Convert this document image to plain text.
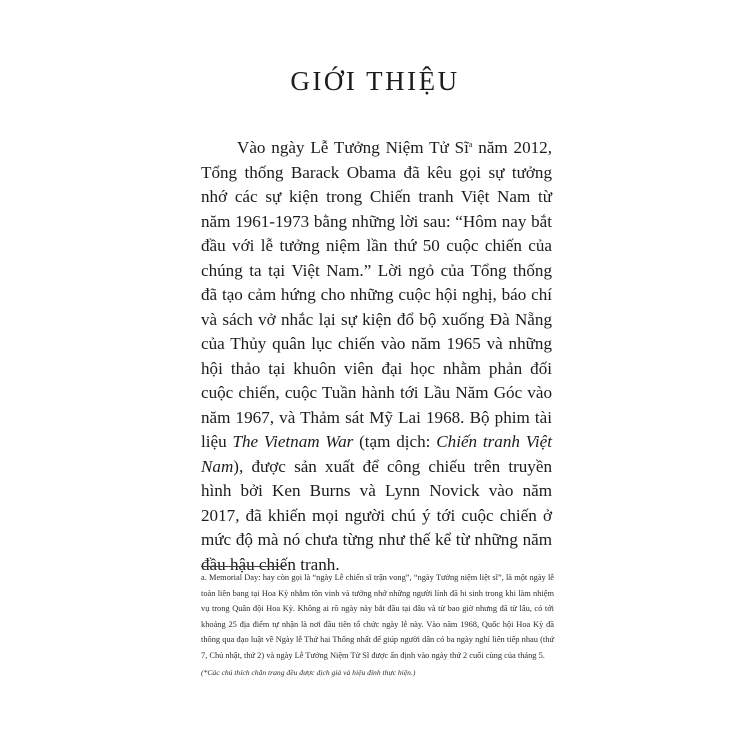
GIỚI THIỆU

Vào ngày Lễ Tưởng Niệm Tử $Sĩ^a$ năm 2012, Tổng thống Barack Obama đã kêu gọi sự tưởng nhớ các sự kiện trong Chiến tranh Việt Nam từ năm 1961-1973 bằng những lời sau: “Hôm nay bắt đầu với lễ tưởng niệm lần thứ 50 cuộc chiến của chúng ta tại Việt Nam.” Lời ngỏ của Tổng thống đã tạo cảm hứng cho những cuộc hội nghị, báo chí và sách vở nhắc lại sự kiện đổ bộ xuống Đà Nẵng của Thủy quân lục chiến vào năm 1965 và những hội thảo tại khuôn viên đại học nhằm phản đối cuộc chiến, cuộc Tuần hành tới Lầu Năm Góc vào năm 1967, và Thảm sát Mỹ Lai 1968. Bộ phim tài liệu The Vietnam War (tạm dịch: Chiến tranh Việt Nam), được sản xuất để công chiếu trên truyền hình bởi Ken Burns và Lynn Novick vào năm 2017, đã khiến mọi người chú ý tới cuộc chiến ở mức độ mà nó chưa từng như thế kể từ những năm đầu hậu chiến tranh.

a. Memorial Day: hay còn gọi là “ngày Lễ chiến sĩ trận vong”, “ngày Tưởng niệm liệt sĩ”, là một ngày lễ toàn liên bang tại Hoa Kỳ nhằm tôn vinh và tưởng nhớ những người lính đã hi sinh trong khi làm nhiệm vụ trong Quân đội Hoa Kỳ. Không ai rõ ngày này bắt đầu tại đâu và từ bao giờ nhưng đã từ lâu, có tới khoảng 25 địa điểm tự nhận là nơi đầu tiên tổ chức ngày lễ này. Vào năm 1968, Quốc hội Hoa Kỳ đã thông qua đạo luật về Ngày lễ Thứ hai Thống nhất để giúp người dân có ba ngày nghỉ liên tiếp nhau (thứ 7, Chủ nhật, thứ 2) và ngày Lễ Tưởng Niệm Tử Sĩ được ấn định vào ngày thứ 2 cuối cùng của tháng 5.
(*Các chú thích chân trang đều được dịch giả và hiệu đính thực hiện.)
